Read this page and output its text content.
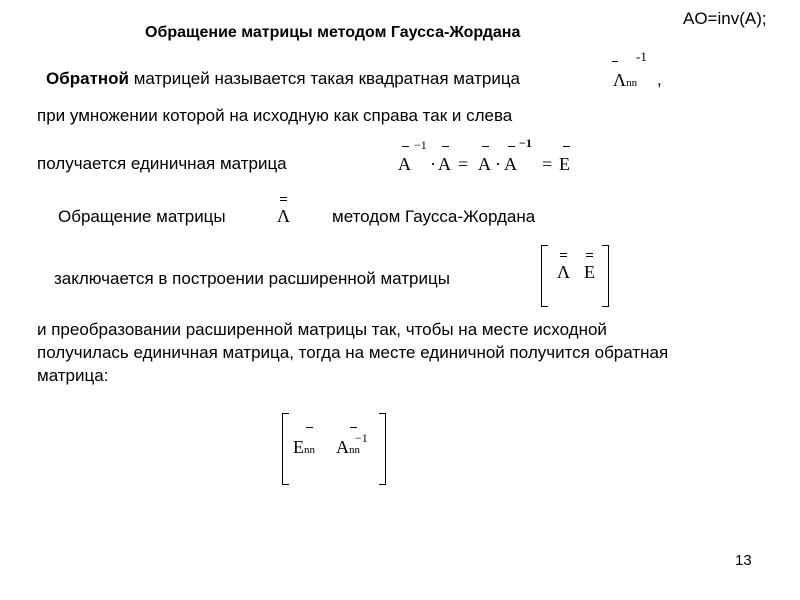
Обращение матрицы методом Гаусса-Жордана
AO=inv(A);
Обратной матрицей называется такая квадратная матрица	Λnn
-1
,
при умножении которой на исходную как справа так и слева
получается единичная матрица	A
−1
· A = A · A
−1
= E
Обращение матрицы	Λ методом Гаусса-Жордана
заключается в построении расширенной матрицы	Λ E
и преобразовании расширенной матрицы так, чтобы на месте исходной получилась единичная матрица, тогда на месте единичной получится обратная матрица:
Enn Ann
−1
13
